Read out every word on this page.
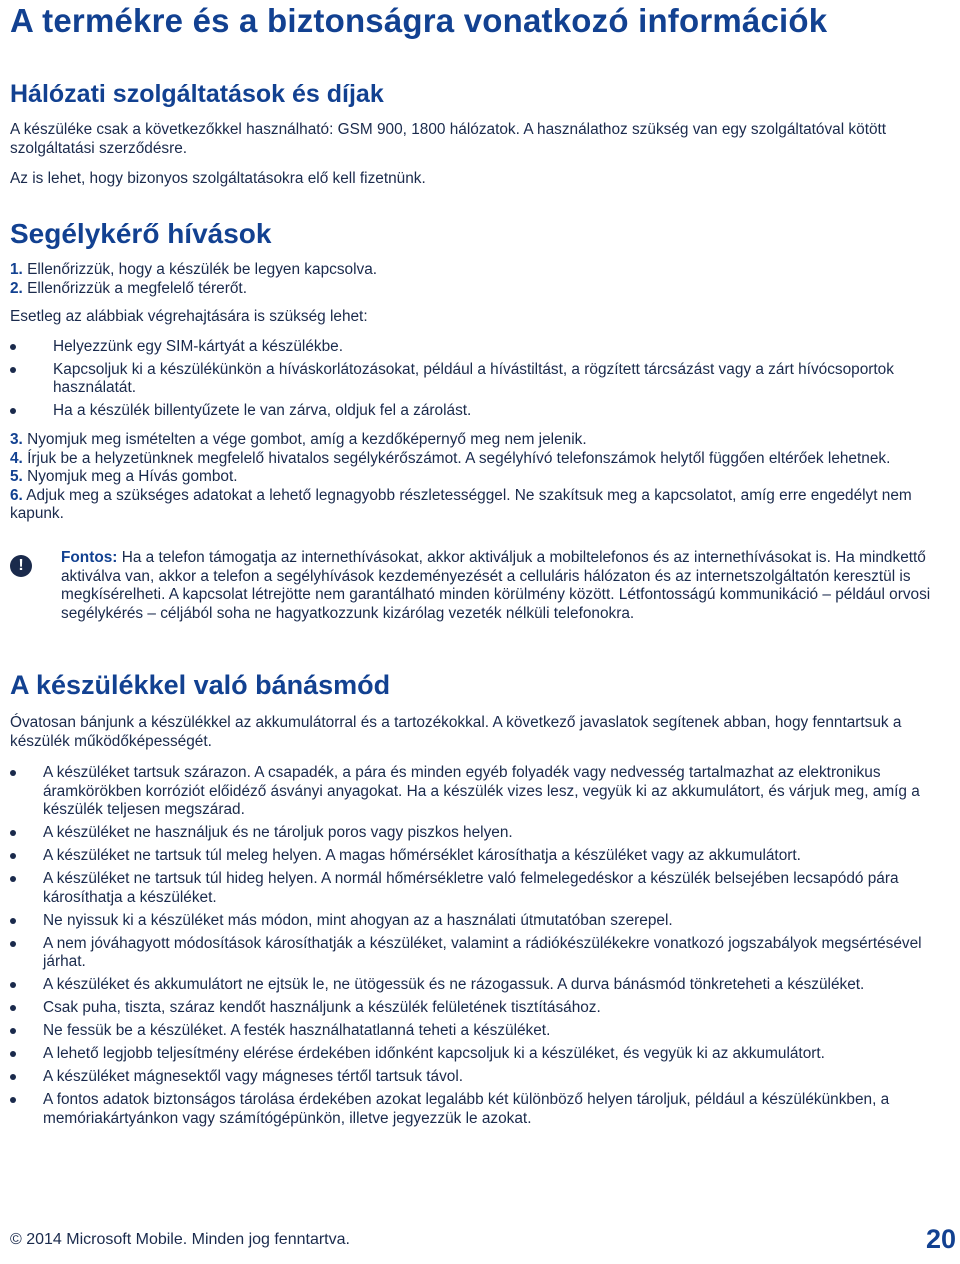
A termékre és a biztonságra vonatkozó információk
Hálózati szolgáltatások és díjak
A készüléke csak a következőkkel használható: GSM 900, 1800 hálózatok. A használathoz szükség van egy szolgáltatóval kötött szolgáltatási szerződésre.
Az is lehet, hogy bizonyos szolgáltatásokra elő kell fizetnünk.
Segélykérő hívások
1. Ellenőrizzük, hogy a készülék be legyen kapcsolva.
2. Ellenőrizzük a megfelelő térerőt.
Esetleg az alábbiak végrehajtására is szükség lehet:
Helyezzünk egy SIM-kártyát a készülékbe.
Kapcsoljuk ki a készülékünkön a híváskorlátozásokat, például a hívástiltást, a rögzített tárcsázást vagy a zárt hívócsoportok használatát.
Ha a készülék billentyűzete le van zárva, oldjuk fel a zárolást.
3. Nyomjuk meg ismételten a vége gombot, amíg a kezdőképernyő meg nem jelenik.
4. Írjuk be a helyzetünknek megfelelő hivatalos segélykérőszámot. A segélyhívó telefonszámok helytől függően eltérőek lehetnek.
5. Nyomjuk meg a Hívás gombot.
6. Adjuk meg a szükséges adatokat a lehető legnagyobb részletességgel. Ne szakítsuk meg a kapcsolatot, amíg erre engedélyt nem kapunk.
!	Fontos: Ha a telefon támogatja az internethívásokat, akkor aktiváljuk a mobiltelefonos és az internethívásokat is. Ha mindkettő aktiválva van, akkor a telefon a segélyhívások kezdeményezését a celluláris hálózaton és az internetszolgáltatón keresztül is megkísérelheti. A kapcsolat létrejötte nem garantálható minden körülmény között. Létfontosságú kommunikáció – például orvosi segélykérés – céljából soha ne hagyatkozzunk kizárólag vezeték nélküli telefonokra.
A készülékkel való bánásmód
Óvatosan bánjunk a készülékkel az akkumulátorral és a tartozékokkal. A következő javaslatok segítenek abban, hogy fenntartsuk a készülék működőképességét.
A készüléket tartsuk szárazon. A csapadék, a pára és minden egyéb folyadék vagy nedvesség tartalmazhat az elektronikus áramkörökben korróziót előidéző ásványi anyagokat. Ha a készülék vizes lesz, vegyük ki az akkumulátort, és várjuk meg, amíg a készülék teljesen megszárad.
A készüléket ne használjuk és ne tároljuk poros vagy piszkos helyen.
A készüléket ne tartsuk túl meleg helyen. A magas hőmérséklet károsíthatja a készüléket vagy az akkumulátort.
A készüléket ne tartsuk túl hideg helyen. A normál hőmérsékletre való felmelegedéskor a készülék belsejében lecsapódó pára károsíthatja a készüléket.
Ne nyissuk ki a készüléket más módon, mint ahogyan az a használati útmutatóban szerepel.
A nem jóváhagyott módosítások károsíthatják a készüléket, valamint a rádiókészülékekre vonatkozó jogszabályok megsértésével járhat.
A készüléket és akkumulátort ne ejtsük le, ne ütögessük és ne rázogassuk. A durva bánásmód tönkreteheti a készüléket.
Csak puha, tiszta, száraz kendőt használjunk a készülék felületének tisztításához.
Ne fessük be a készüléket. A festék használhatatlanná teheti a készüléket.
A lehető legjobb teljesítmény elérése érdekében időnként kapcsoljuk ki a készüléket, és vegyük ki az akkumulátort.
A készüléket mágnesektől vagy mágneses tértől tartsuk távol.
A fontos adatok biztonságos tárolása érdekében azokat legalább két különböző helyen tároljuk, például a készülékünkben, a memóriakártyánkon vagy számítógépünkön, illetve jegyezzük le azokat.
© 2014 Microsoft Mobile. Minden jog fenntartva.	20
